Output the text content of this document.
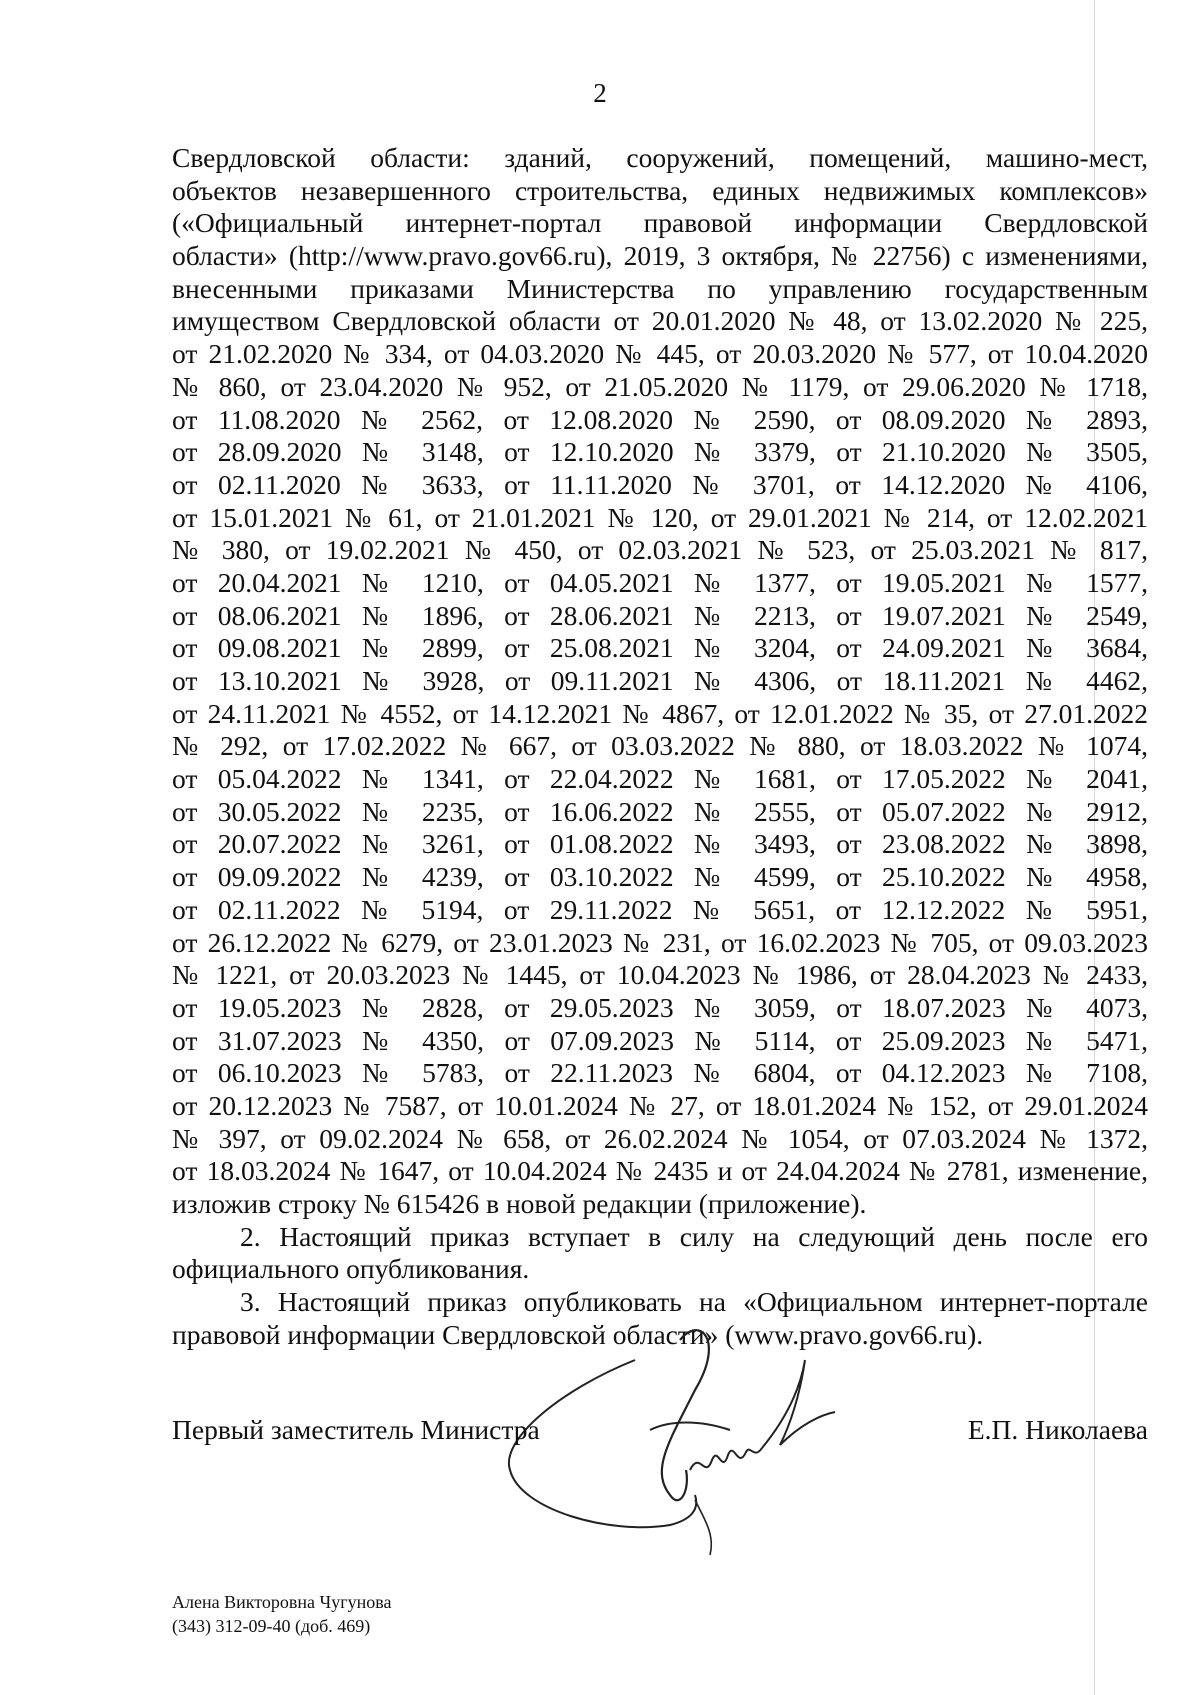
2
Свердловской области: зданий, сооружений, помещений, машино-мест,
объектов незавершенного строительства, единых недвижимых комплексов»
(«Официальный интернет-портал правовой информации Свердловской
области» (http://www.pravo.gov66.ru), 2019, 3 октября, № 22756) с изменениями,
внесенными приказами Министерства по управлению государственным
имуществом Свердловской области от 20.01.2020 № 48, от 13.02.2020 № 225,
от 21.02.2020 № 334, от 04.03.2020 № 445, от 20.03.2020 № 577, от 10.04.2020
№ 860, от 23.04.2020 № 952, от 21.05.2020 № 1179, от 29.06.2020 № 1718,
от 11.08.2020 № 2562, от 12.08.2020 № 2590, от 08.09.2020 № 2893,
от 28.09.2020 № 3148, от 12.10.2020 № 3379, от 21.10.2020 № 3505,
от 02.11.2020 № 3633, от 11.11.2020 № 3701, от 14.12.2020 № 4106,
от 15.01.2021 № 61, от 21.01.2021 № 120, от 29.01.2021 № 214, от 12.02.2021
№ 380, от 19.02.2021 № 450, от 02.03.2021 № 523, от 25.03.2021 № 817,
от 20.04.2021 № 1210, от 04.05.2021 № 1377, от 19.05.2021 № 1577,
от 08.06.2021 № 1896, от 28.06.2021 № 2213, от 19.07.2021 № 2549,
от 09.08.2021 № 2899, от 25.08.2021 № 3204, от 24.09.2021 № 3684,
от 13.10.2021 № 3928, от 09.11.2021 № 4306, от 18.11.2021 № 4462,
от 24.11.2021 № 4552, от 14.12.2021 № 4867, от 12.01.2022 № 35, от 27.01.2022
№ 292, от 17.02.2022 № 667, от 03.03.2022 № 880, от 18.03.2022 № 1074,
от 05.04.2022 № 1341, от 22.04.2022 № 1681, от 17.05.2022 № 2041,
от 30.05.2022 № 2235, от 16.06.2022 № 2555, от 05.07.2022 № 2912,
от 20.07.2022 № 3261, от 01.08.2022 № 3493, от 23.08.2022 № 3898,
от 09.09.2022 № 4239, от 03.10.2022 № 4599, от 25.10.2022 № 4958,
от 02.11.2022 № 5194, от 29.11.2022 № 5651, от 12.12.2022 № 5951,
от 26.12.2022 № 6279, от 23.01.2023 № 231, от 16.02.2023 № 705, от 09.03.2023
№ 1221, от 20.03.2023 № 1445, от 10.04.2023 № 1986, от 28.04.2023 № 2433,
от 19.05.2023 № 2828, от 29.05.2023 № 3059, от 18.07.2023 № 4073,
от 31.07.2023 № 4350, от 07.09.2023 № 5114, от 25.09.2023 № 5471,
от 06.10.2023 № 5783, от 22.11.2023 № 6804, от 04.12.2023 № 7108,
от 20.12.2023 № 7587, от 10.01.2024 № 27, от 18.01.2024 № 152, от 29.01.2024
№ 397, от 09.02.2024 № 658, от 26.02.2024 № 1054, от 07.03.2024 № 1372,
от 18.03.2024 № 1647, от 10.04.2024 № 2435 и от 24.04.2024 № 2781, изменение,
изложив строку № 615426 в новой редакции (приложение).
2. Настоящий приказ вступает в силу на следующий день после его
официального опубликования.
3. Настоящий приказ опубликовать на «Официальном интернет-портале
правовой информации Свердловской области» (www.pravo.gov66.ru).
Первый заместитель Министра	Е.П. Николаева
Алена Викторовна Чугунова
(343) 312-09-40 (доб. 469)
